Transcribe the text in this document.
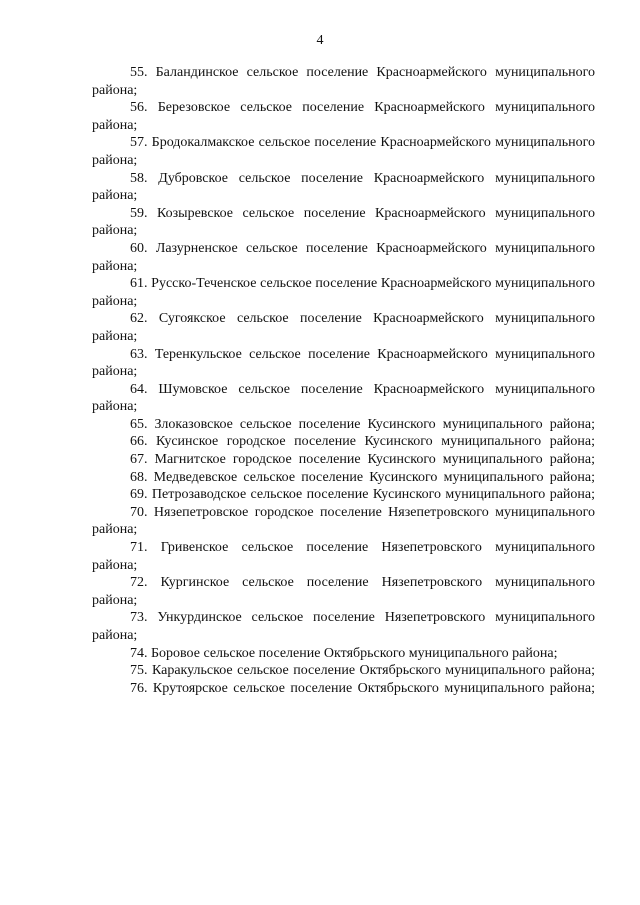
4

55. Баландинское сельское поселение Красноармейского муниципального района;

56. Березовское сельское поселение Красноармейского муниципального района;

57. Бродокалмакское сельское поселение Красноармейского муниципального района;

58. Дубровское сельское поселение Красноармейского муниципального района;

59. Козыревское сельское поселение Красноармейского муниципального района;

60. Лазурненское сельское поселение Красноармейского муниципального района;

61. Русско-Теченское сельское поселение Красноармейского муниципального района;

62. Сугоякское сельское поселение Красноармейского муниципального района;

63. Теренкульское сельское поселение Красноармейского муниципального района;

64. Шумовское сельское поселение Красноармейского муниципального района;

65. Злоказовское сельское поселение Кусинского муниципального района;

66. Кусинское городское поселение Кусинского муниципального района;

67. Магнитское городское поселение Кусинского муниципального района;

68. Медведевское сельское поселение Кусинского муниципального района;

69. Петрозаводское сельское поселение Кусинского муниципального района;

70. Нязепетровское городское поселение Нязепетровского муниципального района;

71. Гривенское сельское поселение Нязепетровского муниципального района;

72. Кургинское сельское поселение Нязепетровского муниципального района;

73. Ункурдинское сельское поселение Нязепетровского муниципального района;

74. Боровое сельское поселение Октябрьского муниципального района;

75. Каракульское сельское поселение Октябрьского муниципального района;

76. Крутоярское сельское поселение Октябрьского муниципального района;
